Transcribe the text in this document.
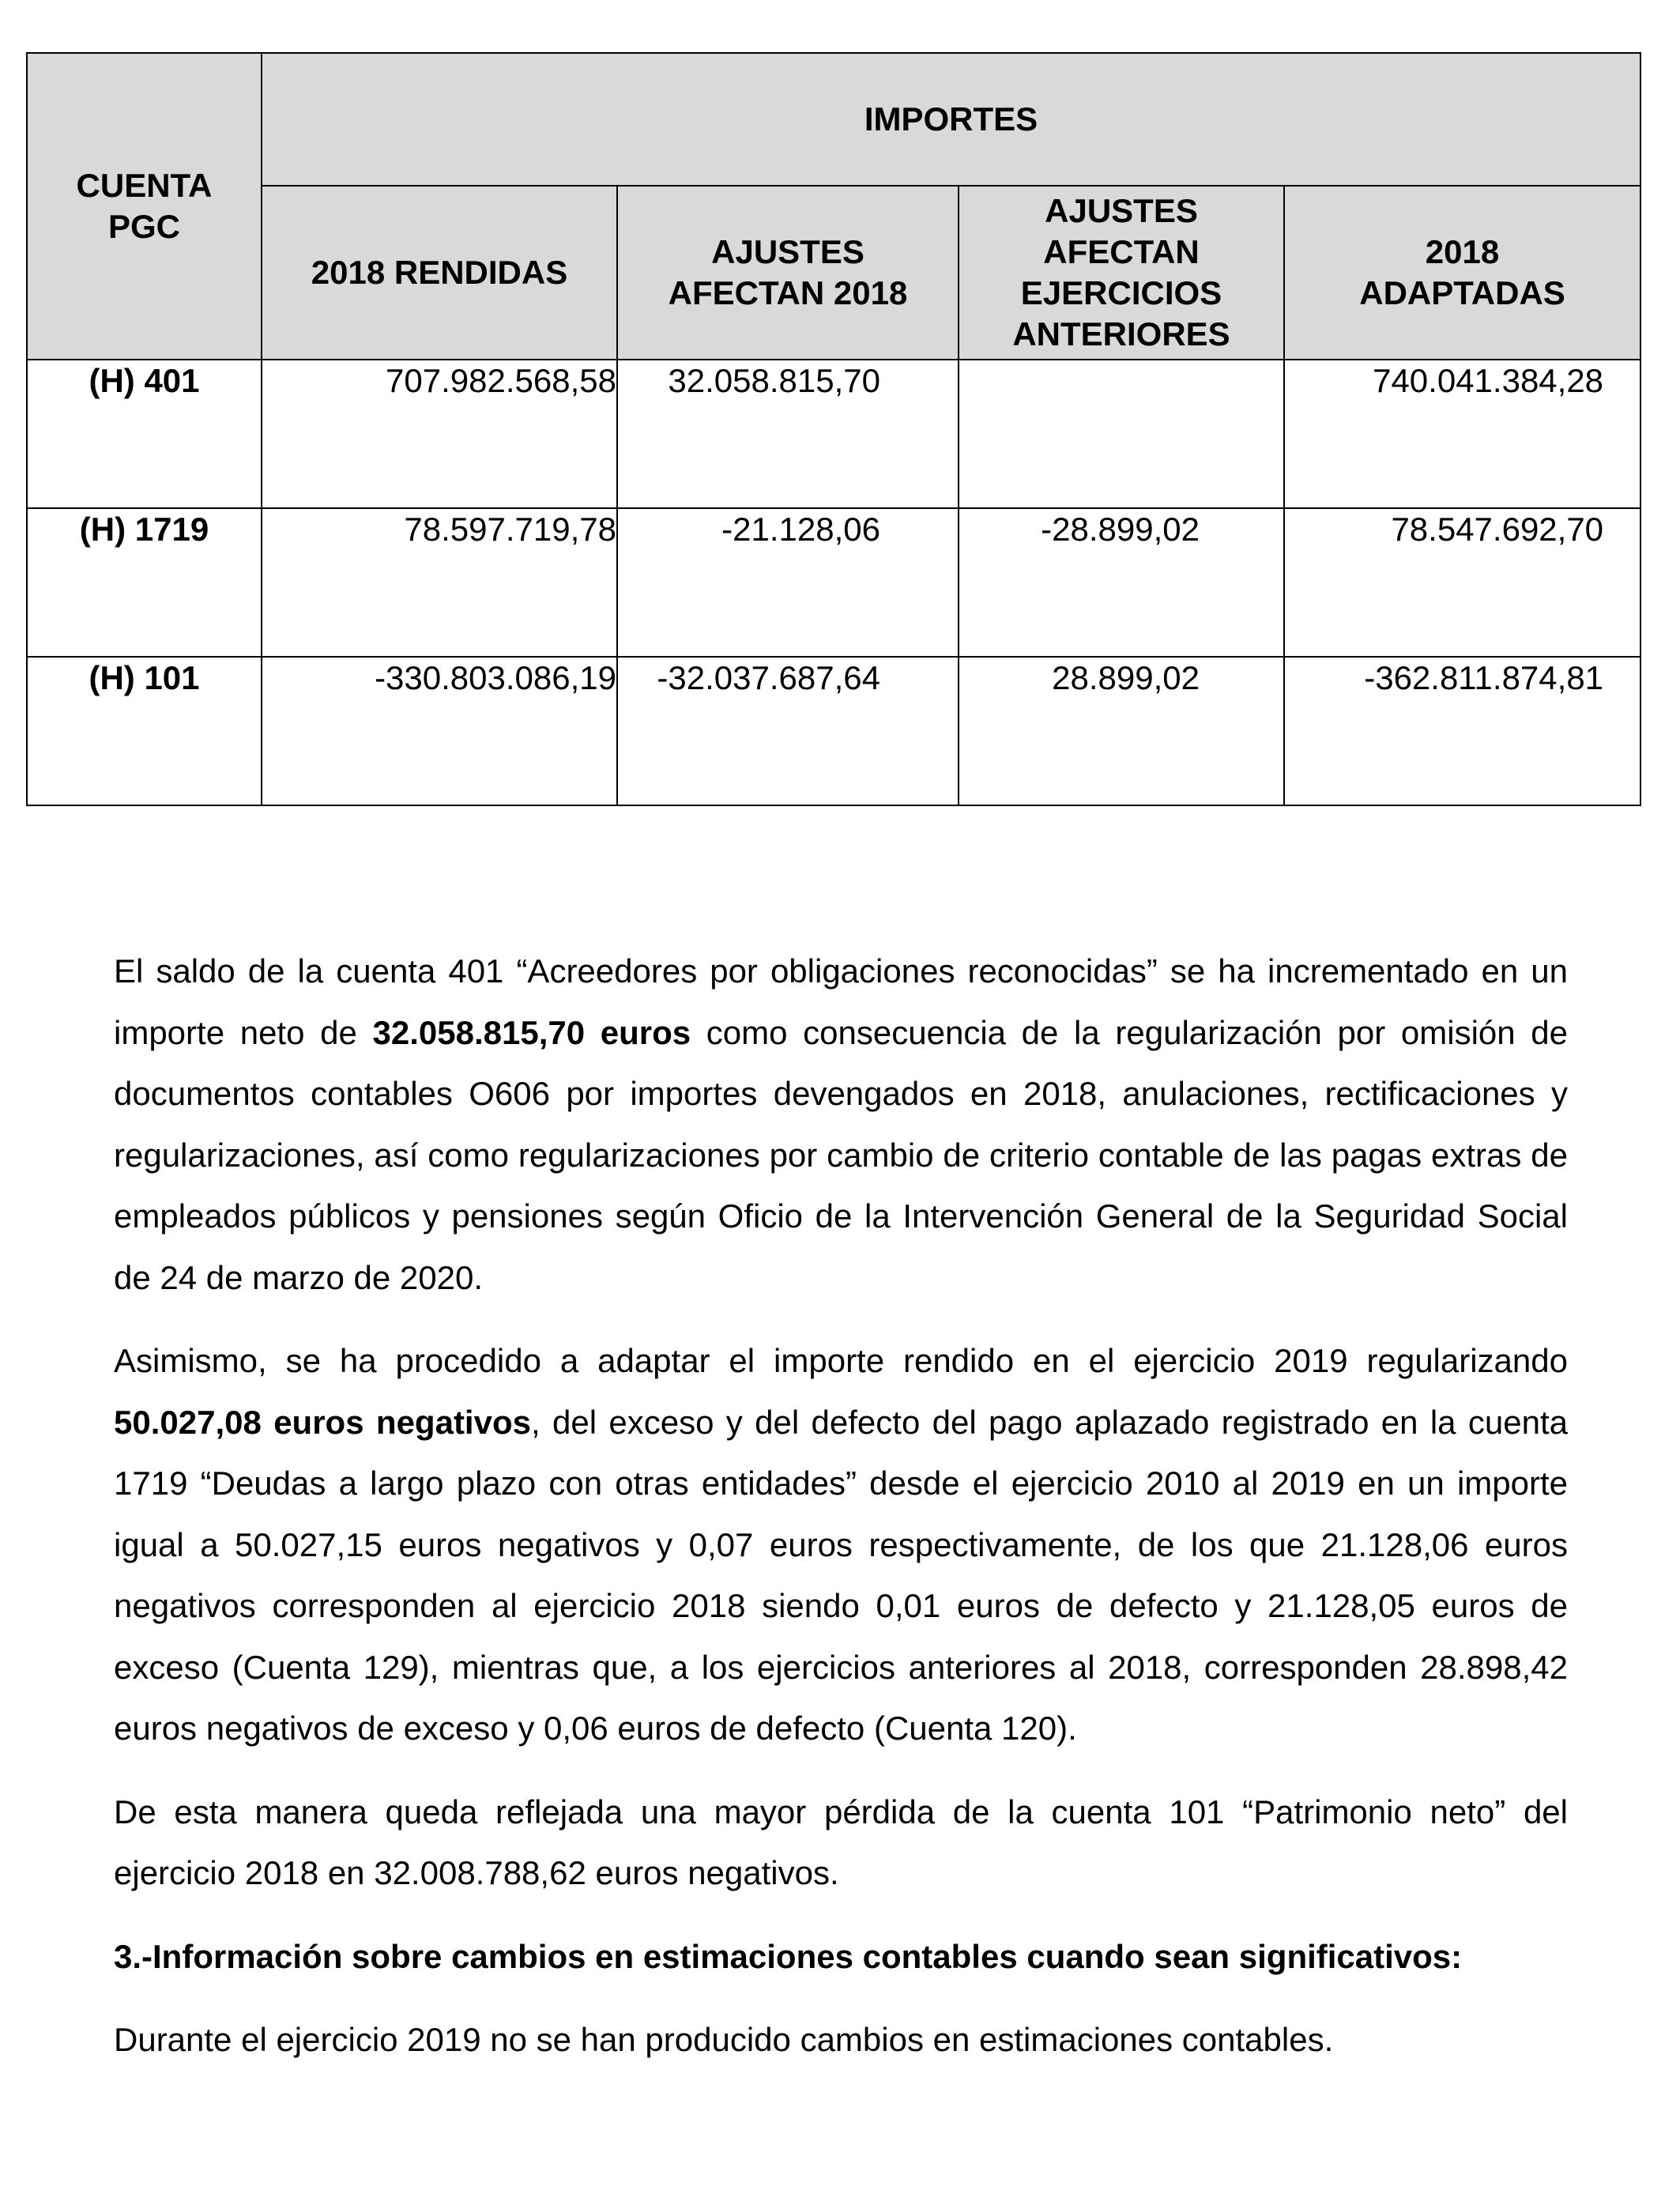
CUENTA PGC	IMPORTES			
	2018 RENDIDAS	AJUSTES AFECTAN 2018	AJUSTES AFECTAN EJERCICIOS ANTERIORES	2018 ADAPTADAS

(H) 401	707.982.568,58	32.058.815,70		740.041.384,28
(H) 1719	78.597.719,78	-21.128,06	-28.899,02	78.547.692,70
(H) 101	-330.803.086,19	-32.037.687,64	28.899,02	-362.811.874,81

El saldo de la cuenta 401 “Acreedores por obligaciones reconocidas” se ha incrementado en un importe neto de 32.058.815,70 euros como consecuencia de la regularización por omisión de documentos contables O606 por importes devengados en 2018, anulaciones, rectificaciones y regularizaciones, así como regularizaciones por cambio de criterio contable de las pagas extras de empleados públicos y pensiones según Oficio de la Intervención General de la Seguridad Social de 24 de marzo de 2020.

Asimismo, se ha procedido a adaptar el importe rendido en el ejercicio 2019 regularizando 50.027,08 euros negativos, del exceso y del defecto del pago aplazado registrado en la cuenta 1719 “Deudas a largo plazo con otras entidades” desde el ejercicio 2010 al 2019 en un importe igual a 50.027,15 euros negativos y 0,07 euros respectivamente, de los que 21.128,06 euros negativos corresponden al ejercicio 2018 siendo 0,01 euros de defecto y 21.128,05 euros de exceso (Cuenta 129), mientras que, a los ejercicios anteriores al 2018, corresponden 28.898,42 euros negativos de exceso y 0,06 euros de defecto (Cuenta 120).

De esta manera queda reflejada una mayor pérdida de la cuenta 101 “Patrimonio neto” del ejercicio 2018 en 32.008.788,62 euros negativos.

3.-Información sobre cambios en estimaciones contables cuando sean significativos:

Durante el ejercicio 2019 no se han producido cambios en estimaciones contables.
